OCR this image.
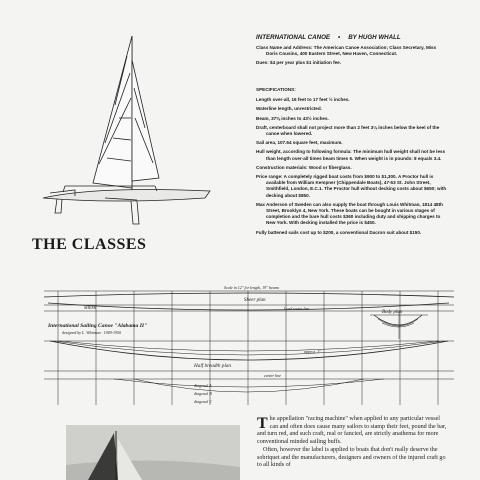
THE CLASSES
INTERNATIONAL CANOE • BY HUGH WHALL

Class Name and Address: The American Canoe Association; Class Secretary, Miss Doris Cousins, 400 Eastern Street, New Haven, Connecticut.

Dues: $4 per year plus $1 initiation fee.

SPECIFICATIONS:

Length over-all, 16 feet to 17 feet ½ inches.

Waterline length, unrestricted.

Beam, 37⅜ inches to 43½ inches.

Draft, centerboard shall not project more than 2 feet 3⅛ inches below the keel of the canoe when lowered.

Sail area, 107.64 square feet, maximum.

Hull weight, according to following formula: The minimum hull weight shall not be less than length over-all times beam times 6. When weight is in pounds: 8 equals 3.4.

Construction materials: Wood or fiberglass.

Price range: A completely rigged boat costs from $900 to $1,300. A Proctor hull is available from William Kempner (Chippendale Boats), 47-53 St. John Street, Smithfield, London, E.C.1. The Proctor hull without decking costs about $650; with decking about $850.

Max Anderson of Sweden can also supply the boat through Louis Whitman, 1814 48th Street, Brooklyn 4, New York. These boats can be bought in various stages of completion and the bare hull costs $360 including duty and shipping charges to New York. With decking installed the price is $450.

Fully battened sails cost up to $200, a conventional Dacron suit about $150.

Scale in 12" for length, 19" beams
Sheer plan
Load water line
International Sailing Canoe "Alabama II"
designed by L. Whitman · 1949-1950
Body plan
Half breadth plan
center line
approx. 1"
SHEER
diagonal A
diagonal B
diagonal C

The appellation "racing machine" when applied to any particular vessel can and often does cause many sailors to stamp their feet, pound the bar, and turn red, and such craft, real or fancied, are strictly anathema for more conventional minded sailing buffs.

Often, however the label is applied to boats that don't really deserve the sobriquet and the manufacturers, designers and owners of the injured craft go to all kinds of
